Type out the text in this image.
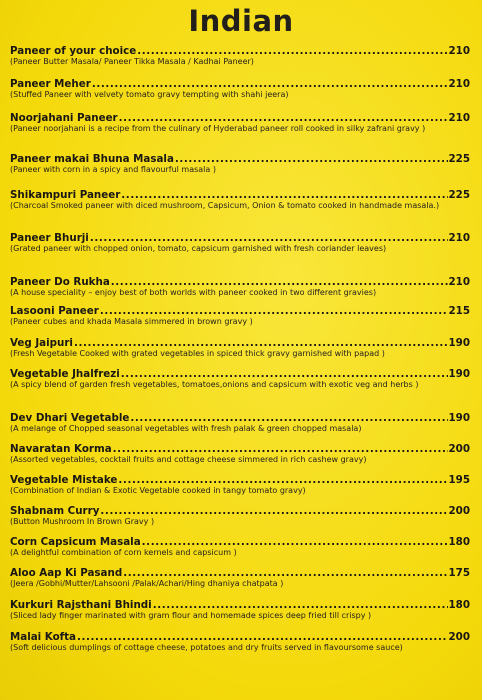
Indian
Paneer of your choice .....	210
(Paneer Butter Masala/ Paneer Tikka Masala / Kadhai Paneer)
Paneer Meher .....	210
(Stuffed Paneer with velvety tomato gravy tempting with shahi jeera)
Noorjahani Paneer .....	210
(Paneer noorjahani is a recipe from the culinary of Hyderabad paneer roll cooked in silky zafrani gravy )
Paneer makai Bhuna Masala .....	225
(Paneer with corn in a spicy and flavourful masala )
Shikampuri Paneer .....	225
(Charcoal Smoked paneer with diced mushroom, Capsicum, Onion & tomato cooked in handmade masala.)
Paneer Bhurji .....	210
(Grated paneer with chopped onion, tomato, capsicum garnished with fresh coriander leaves)
Paneer Do Rukha .....	210
(A house speciality – enjoy best of both worlds with paneer cooked in two different gravies)
Lasooni Paneer .....	215
(Paneer cubes and khada Masala simmered in brown gravy )
Veg Jaipuri .....	190
(Fresh Vegetable Cooked with grated vegetables in spiced thick gravy garnished with papad )
Vegetable Jhalfrezi .....	190
(A spicy blend of garden fresh vegetables, tomatoes,onions and capsicum with exotic veg and herbs )
Dev Dhari Vegetable .....	190
(A melange of Chopped seasonal vegetables with fresh palak & green chopped masala)
Navaratan Korma .....	200
(Assorted vegetables, cocktail fruits and cottage cheese simmered in rich cashew gravy)
Vegetable Mistake .....	195
(Combination of Indian & Exotic Vegetable cooked in tangy tomato gravy)
Shabnam Curry .....	200
(Button Mushroom In Brown Gravy )
Corn Capsicum Masala .....	180
(A delightful combination of corn kernels and capsicum )
Aloo Aap Ki Pasand .....	175
(Jeera /Gobhi/Mutter/Lahsooni /Palak/Achari/Hing dhaniya chatpata )
Kurkuri Rajsthani Bhindi .....	180
(Sliced lady finger marinated with gram flour and homemade spices deep fried till crispy )
Malai Kofta .....	200
(Soft delicious dumplings of cottage cheese, potatoes and dry fruits served in flavoursome sauce)
